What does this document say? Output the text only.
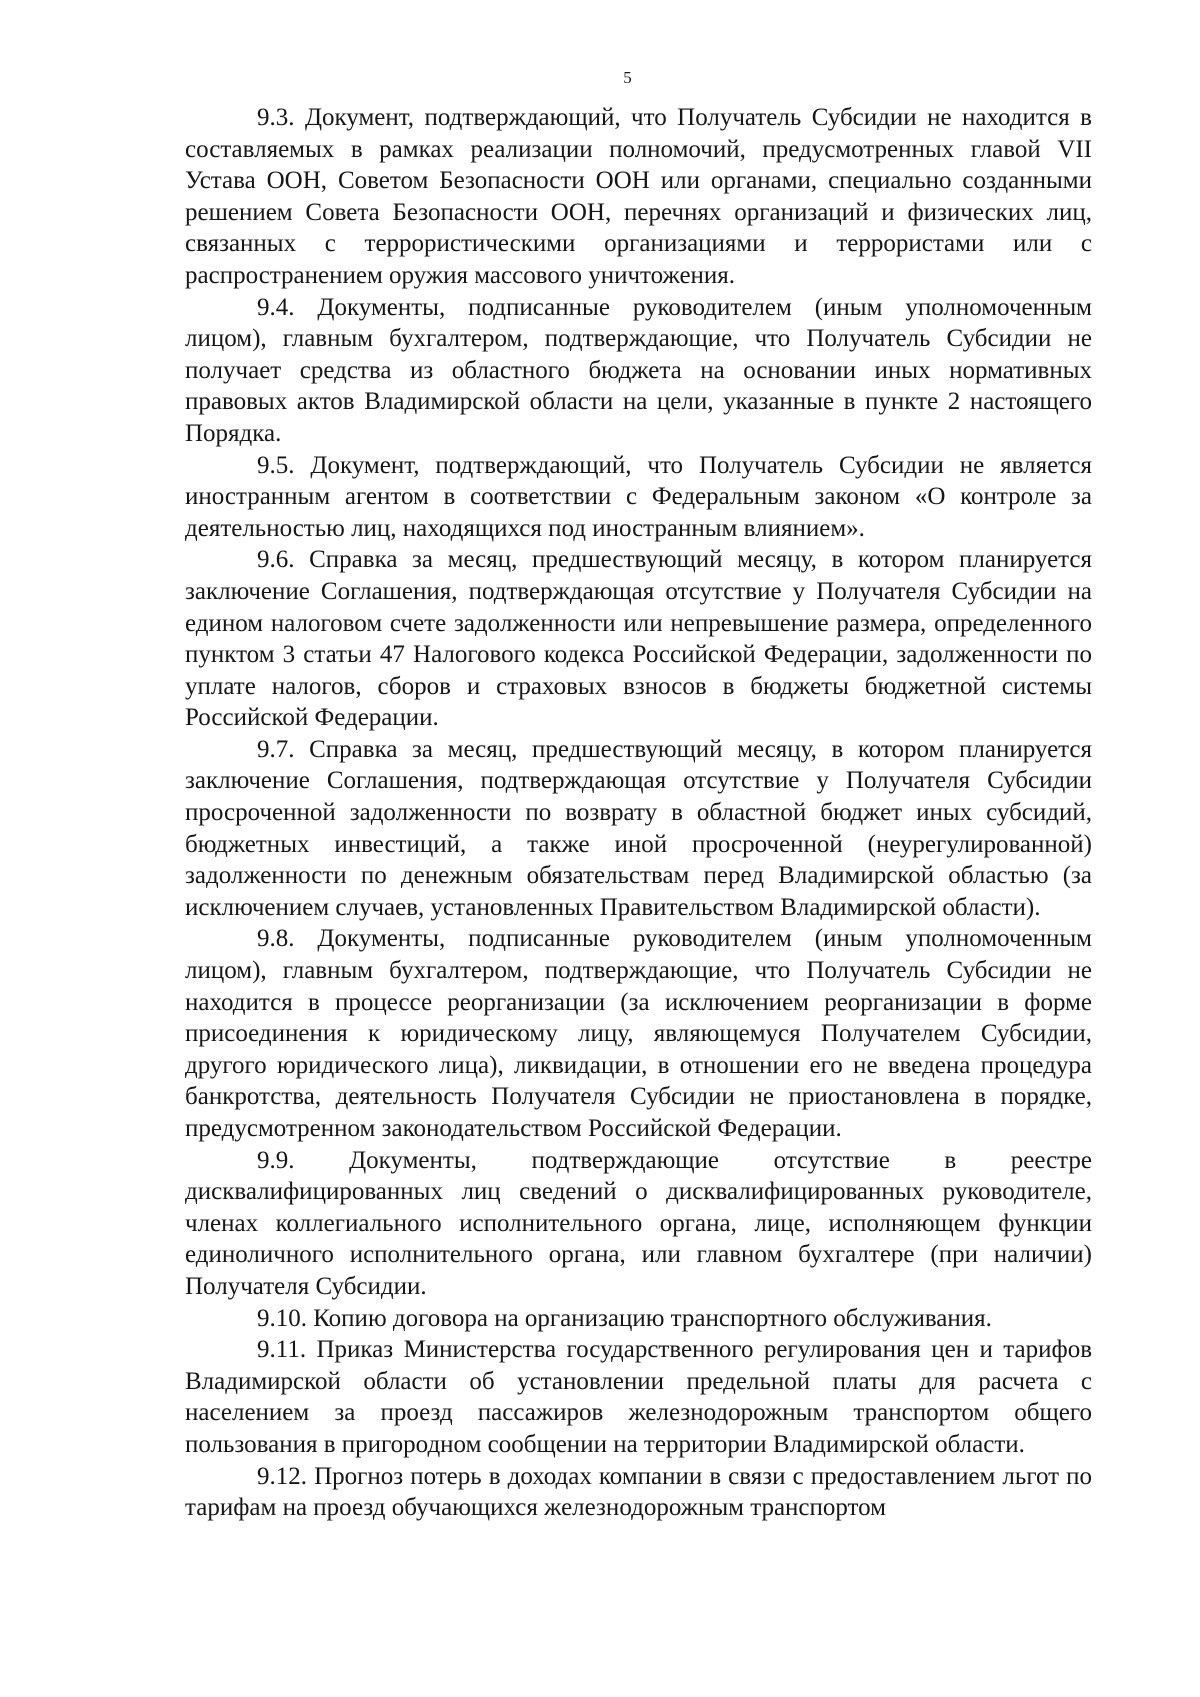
5

9.3. Документ, подтверждающий, что Получатель Субсидии не находится в составляемых в рамках реализации полномочий, предусмотренных главой VII Устава ООН, Советом Безопасности ООН или органами, специально созданными решением Совета Безопасности ООН, перечнях организаций и физических лиц, связанных с террористическими организациями и террористами или с распространением оружия массового уничтожения.

9.4. Документы, подписанные руководителем (иным уполномоченным лицом), главным бухгалтером, подтверждающие, что Получатель Субсидии не получает средства из областного бюджета на основании иных нормативных правовых актов Владимирской области на цели, указанные в пункте 2 настоящего Порядка.

9.5. Документ, подтверждающий, что Получатель Субсидии не является иностранным агентом в соответствии с Федеральным законом «О контроле за деятельностью лиц, находящихся под иностранным влиянием».

9.6. Справка за месяц, предшествующий месяцу, в котором планируется заключение Соглашения, подтверждающая отсутствие у Получателя Субсидии на едином налоговом счете задолженности или непревышение размера, определенного пунктом 3 статьи 47 Налогового кодекса Российской Федерации, задолженности по уплате налогов, сборов и страховых взносов в бюджеты бюджетной системы Российской Федерации.

9.7. Справка за месяц, предшествующий месяцу, в котором планируется заключение Соглашения, подтверждающая отсутствие у Получателя Субсидии просроченной задолженности по возврату в областной бюджет иных субсидий, бюджетных инвестиций, а также иной просроченной (неурегулированной) задолженности по денежным обязательствам перед Владимирской областью (за исключением случаев, установленных Правительством Владимирской области).

9.8. Документы, подписанные руководителем (иным уполномоченным лицом), главным бухгалтером, подтверждающие, что Получатель Субсидии не находится в процессе реорганизации (за исключением реорганизации в форме присоединения к юридическому лицу, являющемуся Получателем Субсидии, другого юридического лица), ликвидации, в отношении его не введена процедура банкротства, деятельность Получателя Субсидии не приостановлена в порядке, предусмотренном законодательством Российской Федерации.

9.9. Документы, подтверждающие отсутствие в реестре дисквалифицированных лиц сведений о дисквалифицированных руководителе, членах коллегиального исполнительного органа, лице, исполняющем функции единоличного исполнительного органа, или главном бухгалтере (при наличии) Получателя Субсидии.

9.10. Копию договора на организацию транспортного обслуживания.

9.11. Приказ Министерства государственного регулирования цен и тарифов Владимирской области об установлении предельной платы для расчета с населением за проезд пассажиров железнодорожным транспортом общего пользования в пригородном сообщении на территории Владимирской области.

9.12. Прогноз потерь в доходах компании в связи с предоставлением льгот по тарифам на проезд обучающихся железнодорожным транспортом
